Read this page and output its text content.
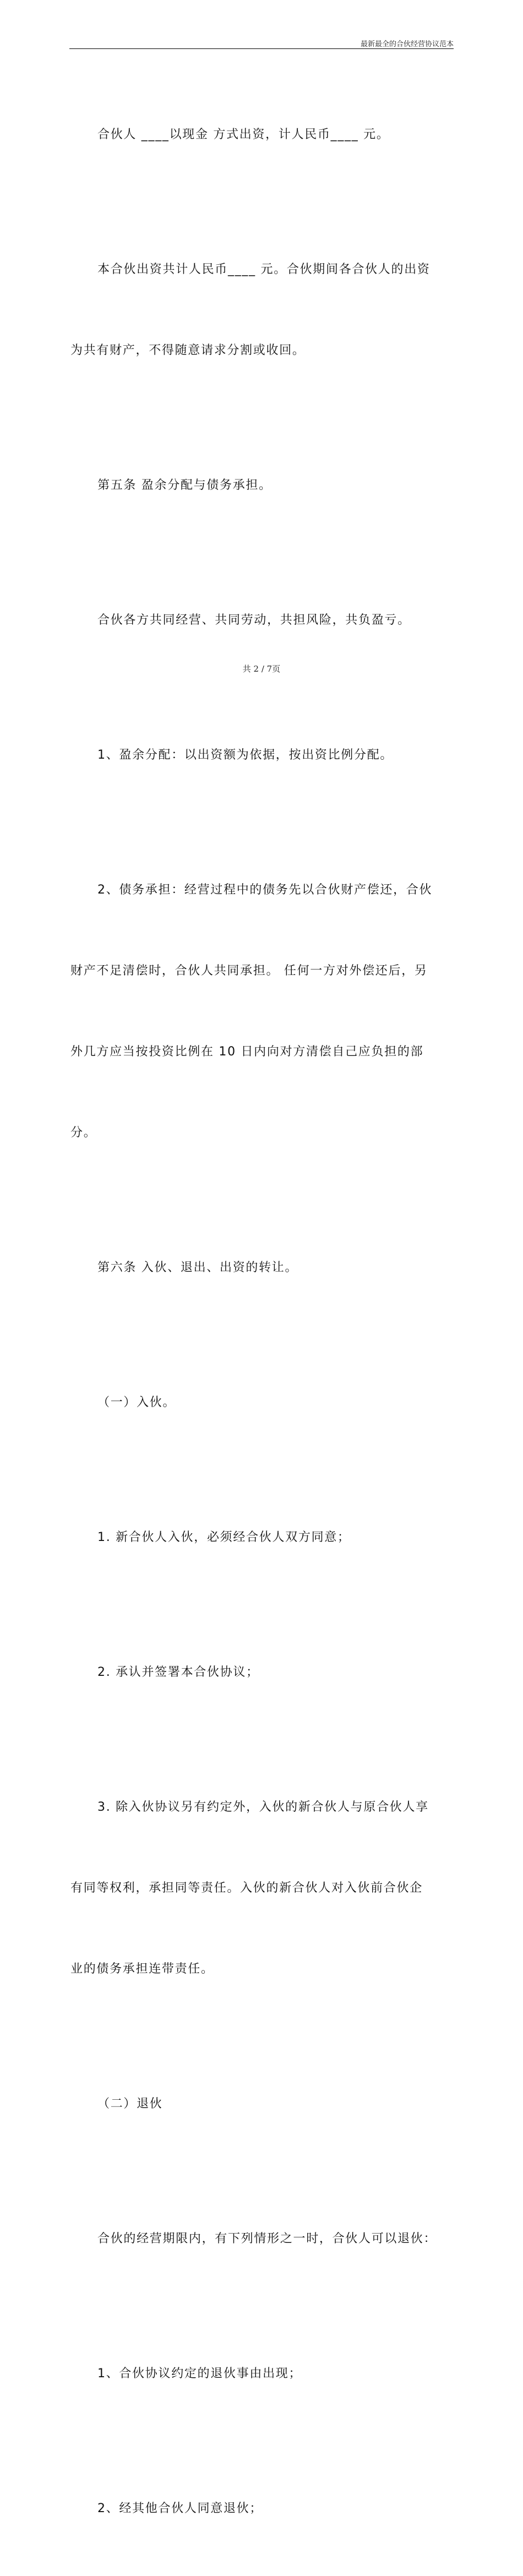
最新最全的合伙经营协议范本

合伙人 ____以现金 方式出资，计人民币____ 元。

本合伙出资共计人民币____ 元。合伙期间各合伙人的出资

为共有财产，不得随意请求分割或收回。

第五条 盈余分配与债务承担。

合伙各方共同经营、共同劳动，共担风险，共负盈亏。

1、盈余分配：以出资额为依据，按出资比例分配。

2、债务承担：经营过程中的债务先以合伙财产偿还，合伙

财产不足清偿时，合伙人共同承担。 任何一方对外偿还后，另

外几方应当按投资比例在 10 日内向对方清偿自己应负担的部

分。

第六条 入伙、退出、出资的转让。

（一）入伙。

1. 新合伙人入伙，必须经合伙人双方同意；

2. 承认并签署本合伙协议；

3. 除入伙协议另有约定外，入伙的新合伙人与原合伙人享

有同等权利，承担同等责任。入伙的新合伙人对入伙前合伙企

业的债务承担连带责任。

（二）退伙

合伙的经营期限内，有下列情形之一时，合伙人可以退伙：

1、合伙协议约定的退伙事由出现；

2、经其他合伙人同意退伙；

共 2 / 7页
